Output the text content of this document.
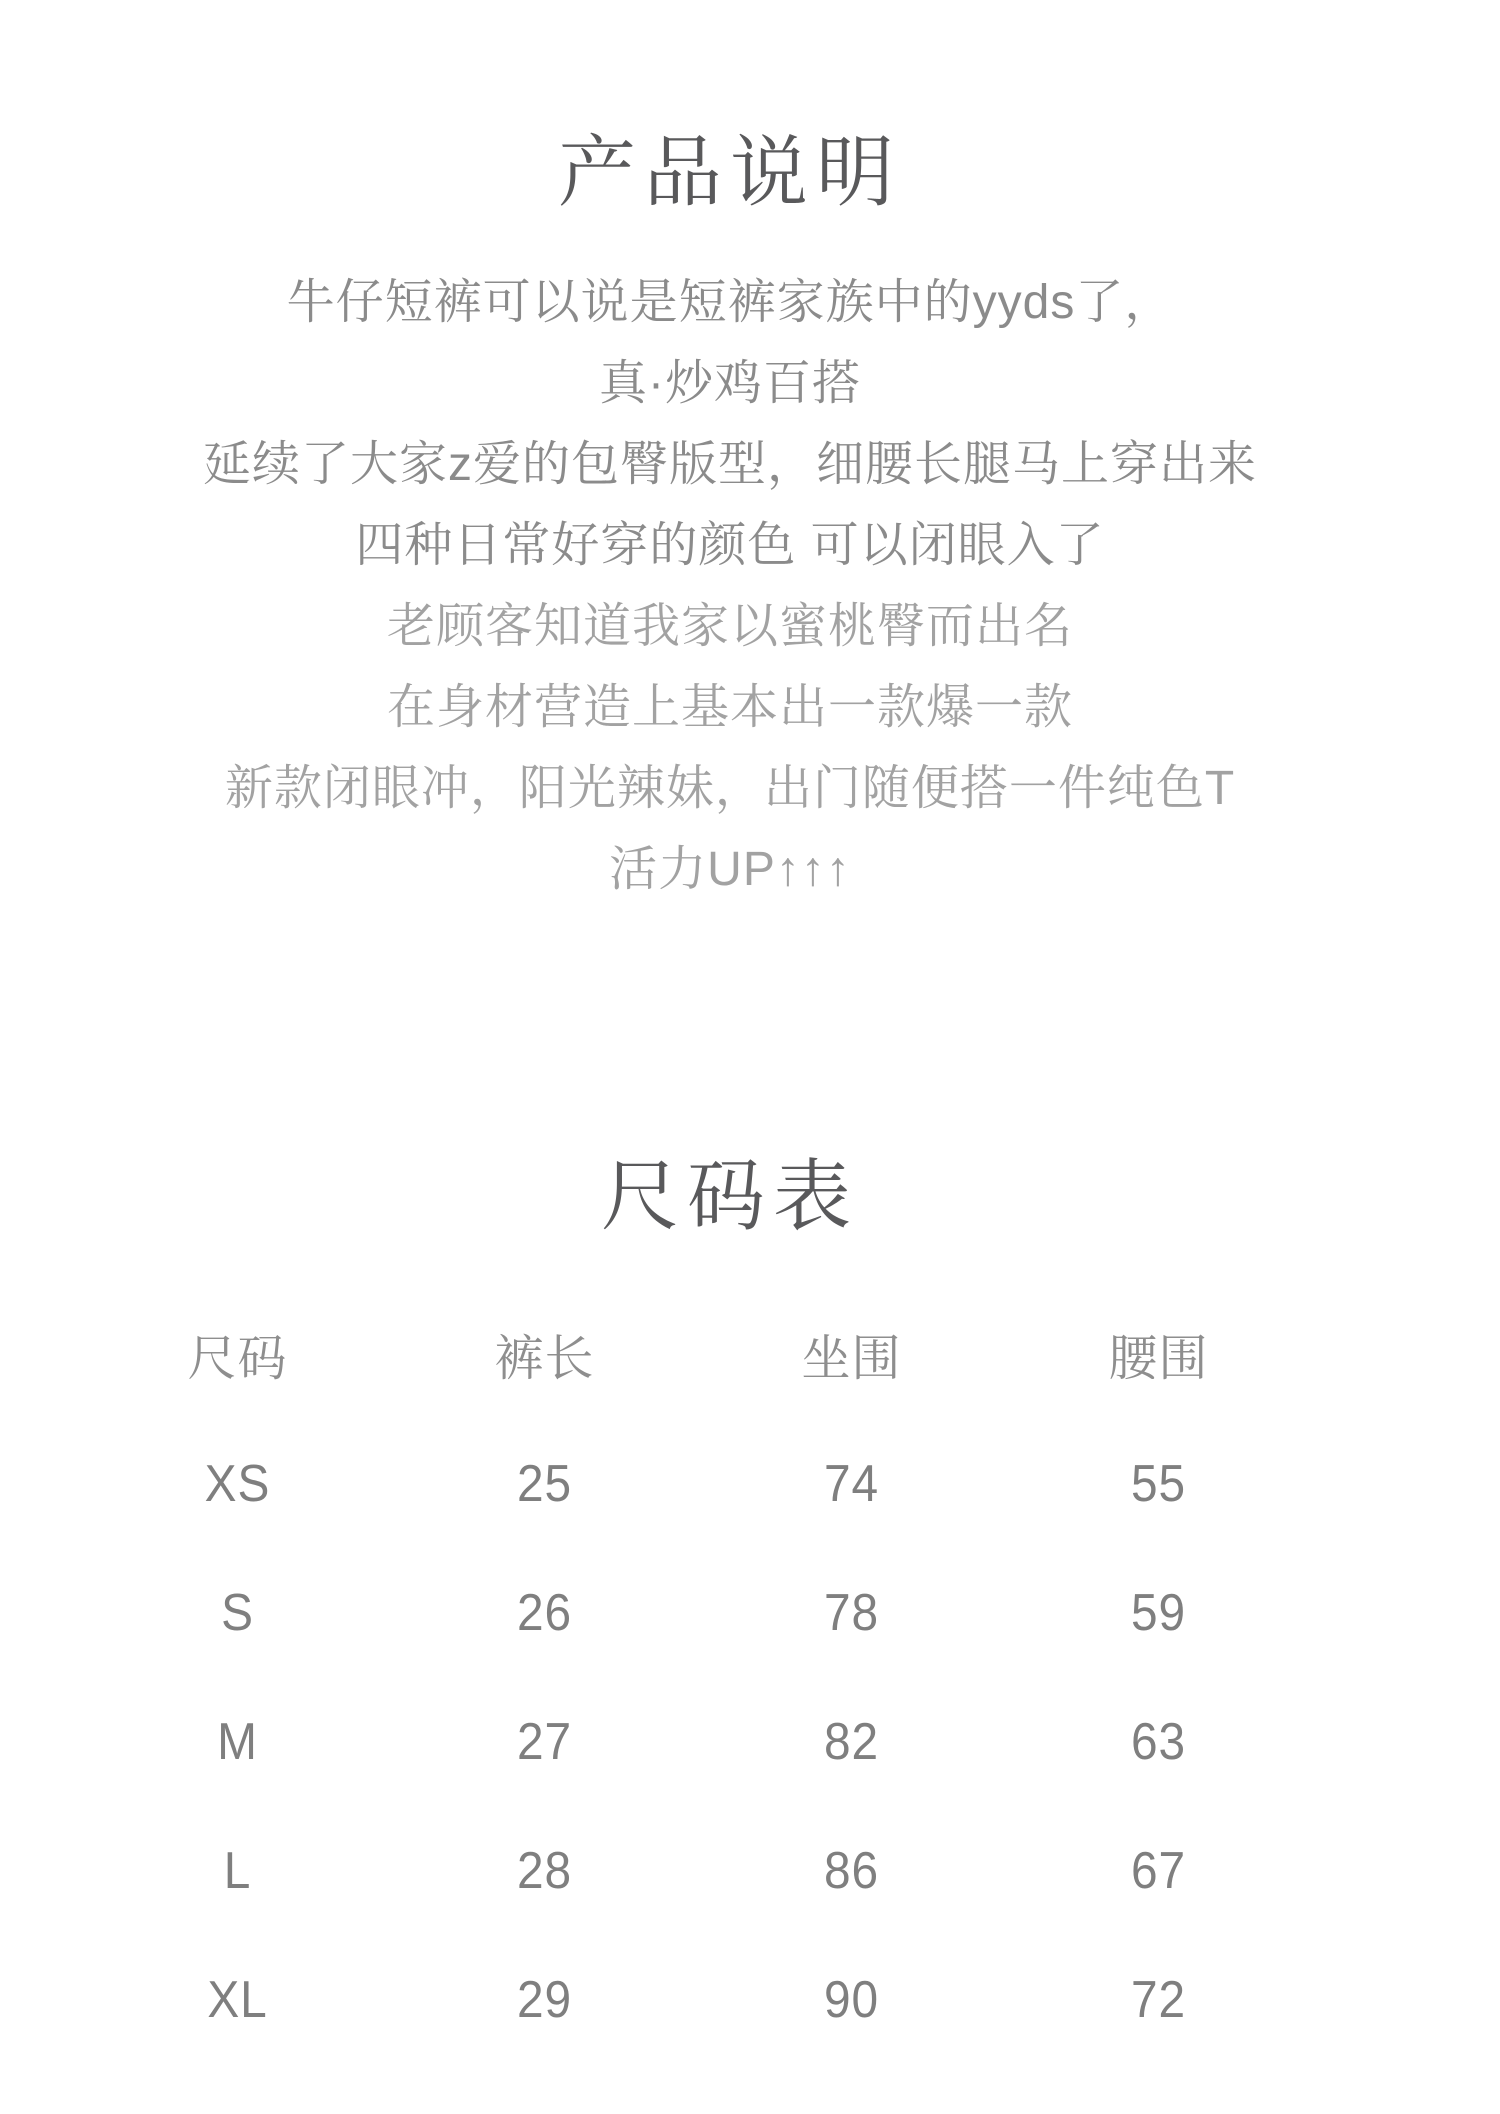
产品说明

牛仔短裤可以说是短裤家族中的yyds了，

真·炒鸡百搭

延续了大家z爱的包臀版型，细腰长腿马上穿出来

四种日常好穿的颜色 可以闭眼入了

老顾客知道我家以蜜桃臀而出名

在身材营造上基本出一款爆一款

新款闭眼冲，阳光辣妹，出门随便搭一件纯色T

活力UP↑↑↑

尺码表
尺码	裤长	坐围	腰围
XS	25	74	55
S	26	78	59
M	27	82	63
L	28	86	67
XL	29	90	72
